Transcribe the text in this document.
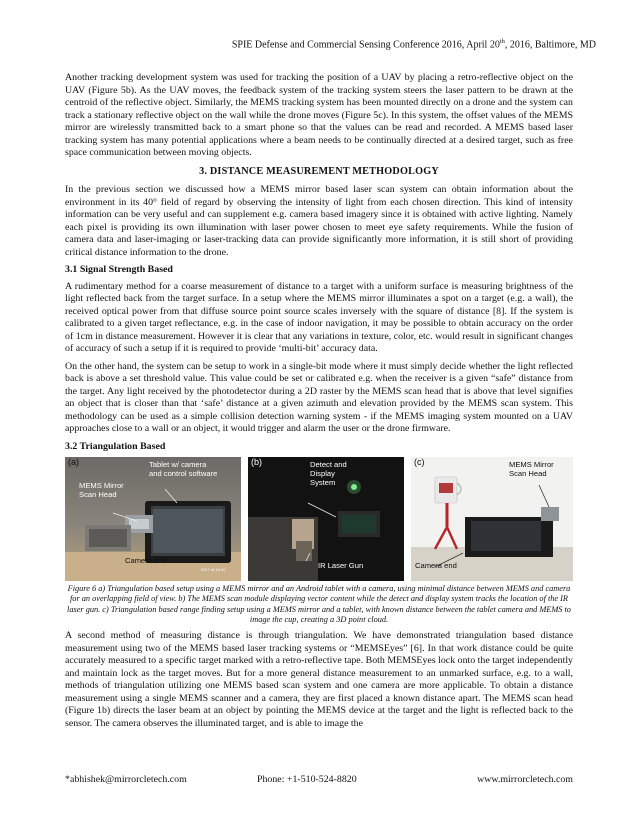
SPIE Defense and Commercial Sensing Conference 2016, April 20th, 2016, Baltimore, MD

Another tracking development system was used for tracking the position of a UAV by placing a retro-reflective object on the UAV (Figure 5b). As the UAV moves, the feedback system of the tracking system steers the laser pattern to be drawn at the centroid of the reflective object. Similarly, the MEMS tracking system has been mounted directly on a drone and the system can track a stationary reflective object on the wall while the drone moves (Figure 5c). In this system, the offset values of the MEMS mirror are wirelessly transmitted back to a smart phone so that the values can be read and recorded. A MEMS based laser tracking system has many potential applications where a beam needs to be continually directed at a desired target, such as free space communication between moving objects.

3. DISTANCE MEASUREMENT METHODOLOGY

In the previous section we discussed how a MEMS mirror based laser scan system can obtain information about the environment in its 40° field of regard by observing the intensity of light from each chosen direction. This kind of intensity information can be very useful and can supplement e.g. camera based imagery since it is obtained with active lighting. Namely each pixel is providing its own illumination with laser power chosen to meet eye safety requirements. While the fusion of camera data and laser-imaging or laser-tracking data can provide significantly more information, it is still short of providing critical distance information to the drone.

3.1 Signal Strength Based

A rudimentary method for a coarse measurement of distance to a target with a uniform surface is measuring brightness of the light reflected back from the target surface. In a setup where the MEMS mirror illuminates a spot on a target (e.g. a wall), the received optical power from that diffuse source point source scales inversely with the square of distance [8]. If the system is calibrated to a given target reflectance, e.g. in the case of indoor navigation, it may be possible to obtain accuracy on the order of 1cm in distance measurement. However it is clear that any variations in texture, color, etc. would result in significant changes of accuracy of such a setup if it is required to provide ‘multi-bit’ accuracy data.

On the other hand, the system can be setup to work in a single-bit mode where it must simply decide whether the light reflected back is above a set threshold value. This value could be set or calibrated e.g. when the receiver is a given “safe” distance from the target. Any light received by the photodetector during a 2D raster by the MEMS scan head that is above that level signifies an object that is closer than that ‘safe’ distance at a given azimuth and elevation provided by the MEMS scan system. This methodology can be used as a simple collision detection warning system - if the MEMS imaging system mounted on a UAV approaches close to a wall or an object, it would trigger and alarm the user or the drone firmware.

3.2 Triangulation Based
(a)	Tablet w/ camera
and control software
MEMS Mirror
Scan Head
Camera end
2017 at 16:10
(b)	Detect and
Display
System
IR Laser Gun
(c)	MEMS Mirror
Scan Head
Camera end

Figure 6 a) Triangulation based setup using a MEMS mirror and an Android tablet with a camera, using minimal distance between MEMS and camera for an overlapping field of view. b) The MEMS scan module displaying vector content while the detect and display system tracks the location of the IR laser gun. c) Triangulation based range finding setup using a MEMS mirror and a tablet, with known distance between the tablet camera and MEMS to image the cup, creating a 3D point cloud.

A second method of measuring distance is through triangulation. We have demonstrated triangulation based distance measurement using two of the MEMS based laser tracking systems or “MEMSEyes” [6]. In that work distance could be quite accurately measured to a specific target marked with a retro-reflective tape. Both MEMSEyes lock onto the target independently and maintain lock as the target moves. But for a more general distance measurement to an unmarked surface, e.g. to a wall, methods of triangulation utilizing one MEMS based scan system and one camera are more applicable. To obtain a distance measurement using a single MEMS scanner and a camera, they are first placed a known distance apart. The MEMS scan head (Figure 1b) directs the laser beam at an object by pointing the MEMS device at the target and the light is reflected back to the sensor. The camera observes the illuminated target, and is able to image the

*abhishek@mirrorcletech.com	Phone: +1-510-524-8820	www.mirrorcletech.com
